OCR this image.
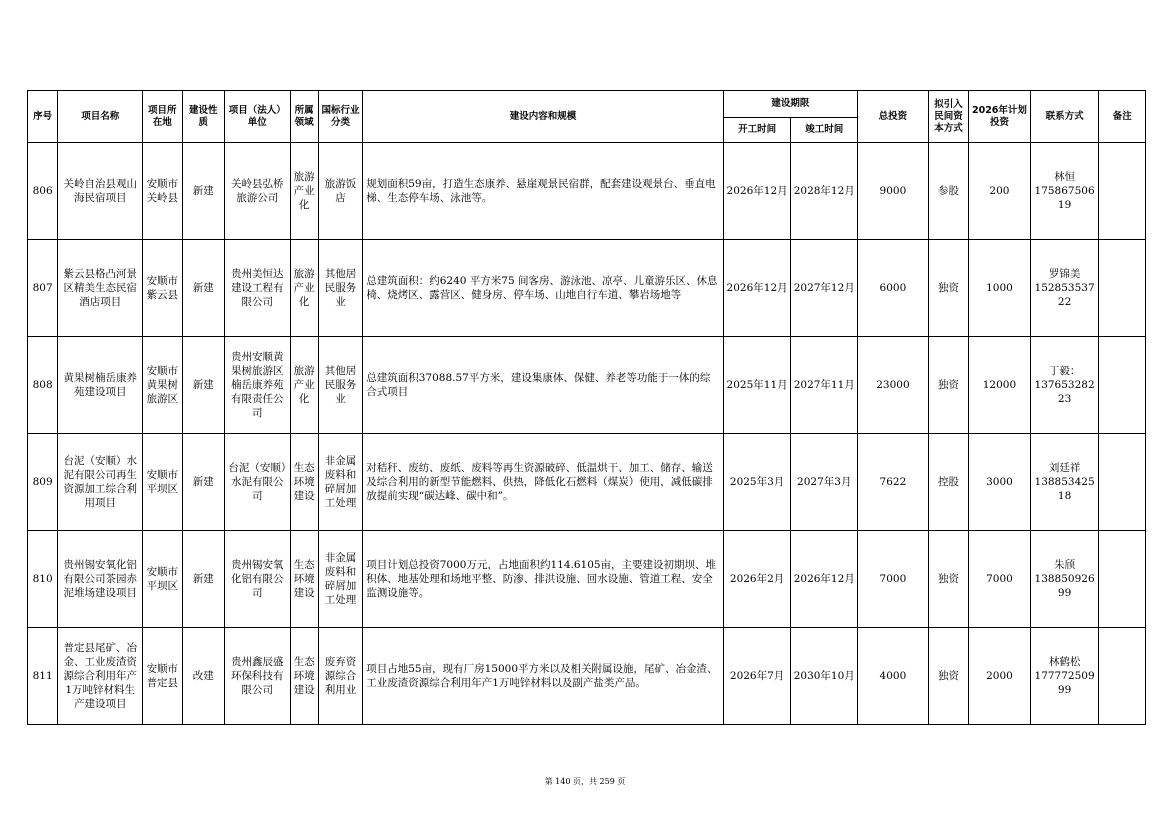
序号	项目名称	项目所在地	建设性质	项目（法人）单位	所属领域	国标行业分类	建设内容和规模	建设期限		总投资	拟引入民间资本方式	2026年计划投资	联系方式	备注
								开工时间	竣工时间					
806	关岭自治县观山海民宿项目	安顺市关岭县	新建	关岭县弘桥旅游公司	旅游产业化	旅游饭店	规划面积59亩，打造生态康养、悬崖观景民宿群，配套建设观景台、垂直电梯、生态停车场、泳池等。	2026年12月	2028年12月	9000	参股	200	林恒
17586750619	
807	紫云县格凸河景区精美生态民宿酒店项目	安顺市紫云县	新建	贵州美恒达建设工程有限公司	旅游产业化	其他居民服务业	总建筑面积：约6240 平方米75 间客房、游泳池、凉亭、儿童游乐区、休息椅、烧烤区、露营区、健身房、停车场、山地自行车道、攀岩场地等	2026年12月	2027年12月	6000	独资	1000	罗锦美
15285353722	
808	黄果树楠岳康养苑建设项目	安顺市黄果树旅游区	新建	贵州安顺黄果树旅游区楠岳康养苑有限责任公司	旅游产业化	其他居民服务业	总建筑面积37088.57平方米，建设集康体、保健、养老等功能于一体的综合式项目	2025年11月	2027年11月	23000	独资	12000	丁毅：
13765328223	
809	台泥（安顺）水泥有限公司再生资源加工综合利用项目	安顺市平坝区	新建	台泥（安顺）水泥有限公司	生态环境建设	非金属废料和碎屑加工处理	对秸秆、废纺、废纸、废料等再生资源破碎、低温烘干、加工、储存、输送及综合利用的新型节能燃料、供热，降低化石燃料（煤炭）使用，减低碳排放提前实现“碳达峰、碳中和”。	2025年3月	2027年3月	7622	控股	3000	刘廷祥
13885342518	
810	贵州锡安氧化铝有限公司茶园赤泥堆场建设项目	安顺市平坝区	新建	贵州锡安氧化铝有限公司	生态环境建设	非金属废料和碎屑加工处理	项目计划总投资7000万元，占地面积约114.6105亩，主要建设初期坝、堆积体、地基处理和场地平整、防渗、排洪设施、回水设施、管道工程、安全监测设施等。	2026年2月	2026年12月	7000	独资	7000	朱颀
13885092699	
811	普定县尾矿、冶金、工业废渣资源综合利用年产1万吨锌材料生产建设项目	安顺市普定县	改建	贵州鑫辰盛环保科技有限公司	生态环境建设	废弃资源综合利用业	项目占地55亩，现有厂房15000平方米以及相关附属设施，尾矿、冶金渣、工业废渣资源综合利用年产1万吨锌材料以及副产盐类产品。	2026年7月	2030年10月	4000	独资	2000	林鹤松
17777250999	
第 140 页，共 259 页
